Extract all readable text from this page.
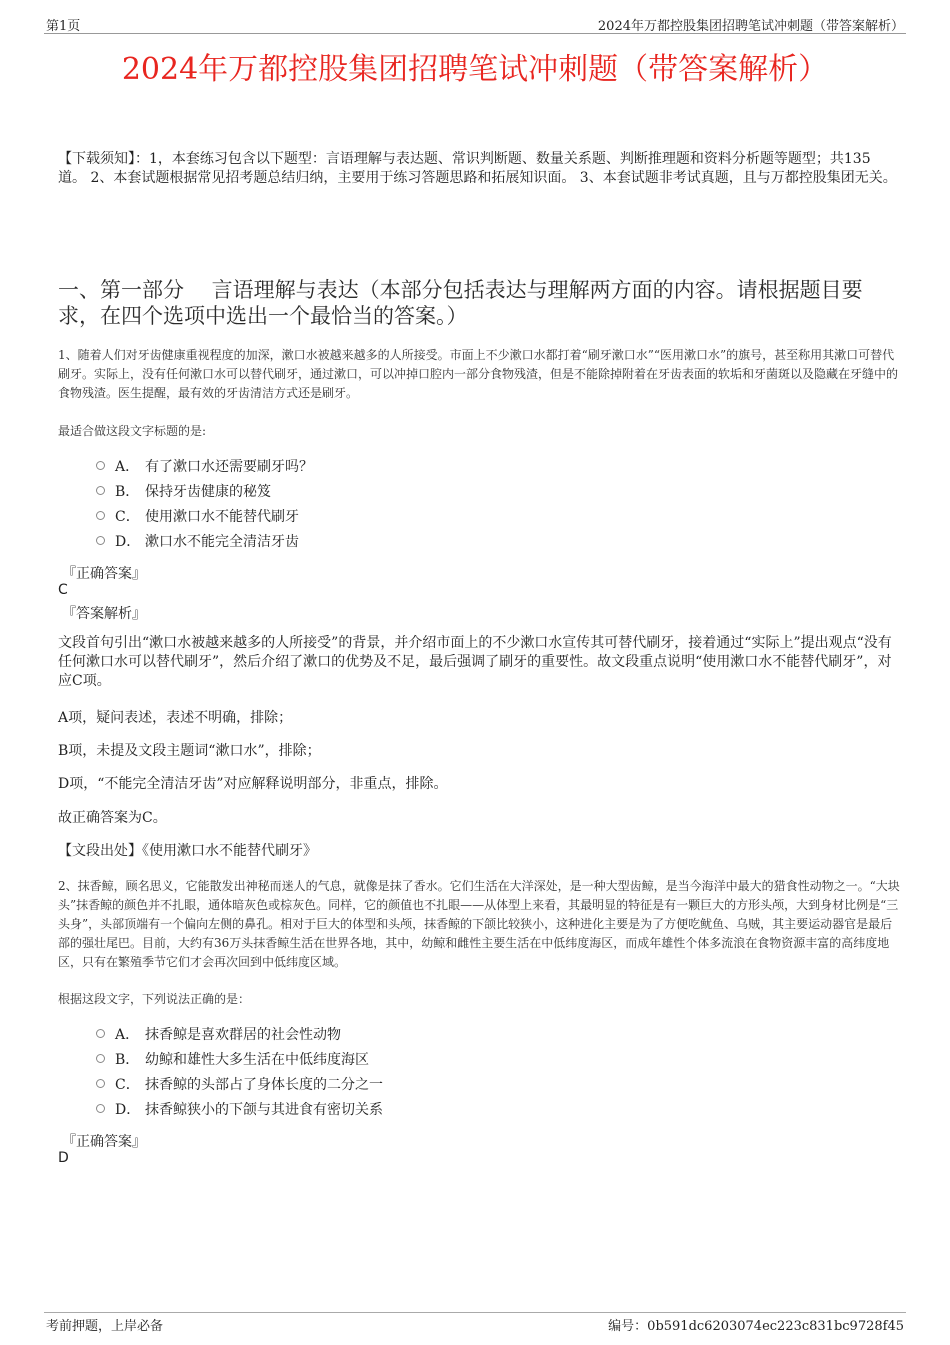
第1页	2024年万都控股集团招聘笔试冲刺题（带答案解析）
2024年万都控股集团招聘笔试冲刺题（带答案解析）
【下载须知】：1，本套练习包含以下题型：言语理解与表达题、常识判断题、数量关系题、判断推理题和资料分析题等题型；共135道。 2、本套试题根据常见招考题总结归纳，主要用于练习答题思路和拓展知识面。 3、本套试题非考试真题，且与万都控股集团无关。
一、第一部分　 言语理解与表达（本部分包括表达与理解两方面的内容。请根据题目要求，在四个选项中选出一个最恰当的答案。）
1、随着人们对牙齿健康重视程度的加深，漱口水被越来越多的人所接受。市面上不少漱口水都打着“刷牙漱口水”“医用漱口水”的旗号，甚至称用其漱口可替代刷牙。实际上，没有任何漱口水可以替代刷牙，通过漱口，可以冲掉口腔内一部分食物残渣，但是不能除掉附着在牙齿表面的软垢和牙菌斑以及隐藏在牙缝中的食物残渣。医生提醒，最有效的牙齿清洁方式还是刷牙。
最适合做这段文字标题的是:
A． 有了漱口水还需要刷牙吗？
B． 保持牙齿健康的秘笈
C． 使用漱口水不能替代刷牙
D． 漱口水不能完全清洁牙齿
『正确答案』
C
『答案解析』
文段首句引出“漱口水被越来越多的人所接受”的背景，并介绍市面上的不少漱口水宣传其可替代刷牙，接着通过“实际上”提出观点“没有任何漱口水可以替代刷牙”，然后介绍了漱口的优势及不足，最后强调了刷牙的重要性。故文段重点说明“使用漱口水不能替代刷牙”，对应C项。
A项，疑问表述，表述不明确，排除；
B项，未提及文段主题词“漱口水”，排除；
D项，“不能完全清洁牙齿”对应解释说明部分，非重点，排除。
故正确答案为C。
【文段出处】《使用漱口水不能替代刷牙》
2、抹香鲸，顾名思义，它能散发出神秘而迷人的气息，就像是抹了香水。它们生活在大洋深处，是一种大型齿鲸，是当今海洋中最大的猎食性动物之一。“大块头”抹香鲸的颜色并不扎眼，通体暗灰色或棕灰色。同样，它的颜值也不扎眼——从体型上来看，其最明显的特征是有一颗巨大的方形头颅，大到身材比例是“三头身”，头部顶端有一个偏向左侧的鼻孔。相对于巨大的体型和头颅，抹香鲸的下颌比较狭小，这种进化主要是为了方便吃鱿鱼、乌贼，其主要运动器官是最后部的强壮尾巴。目前，大约有36万头抹香鲸生活在世界各地，其中，幼鲸和雌性主要生活在中低纬度海区，而成年雄性个体多流浪在食物资源丰富的高纬度地区，只有在繁殖季节它们才会再次回到中低纬度区域。
根据这段文字，下列说法正确的是：
A． 抹香鲸是喜欢群居的社会性动物
B． 幼鲸和雄性大多生活在中低纬度海区
C． 抹香鲸的头部占了身体长度的二分之一
D． 抹香鲸狭小的下颌与其进食有密切关系
『正确答案』
D
考前押题，上岸必备	编号：0b591dc6203074ec223c831bc9728f45
